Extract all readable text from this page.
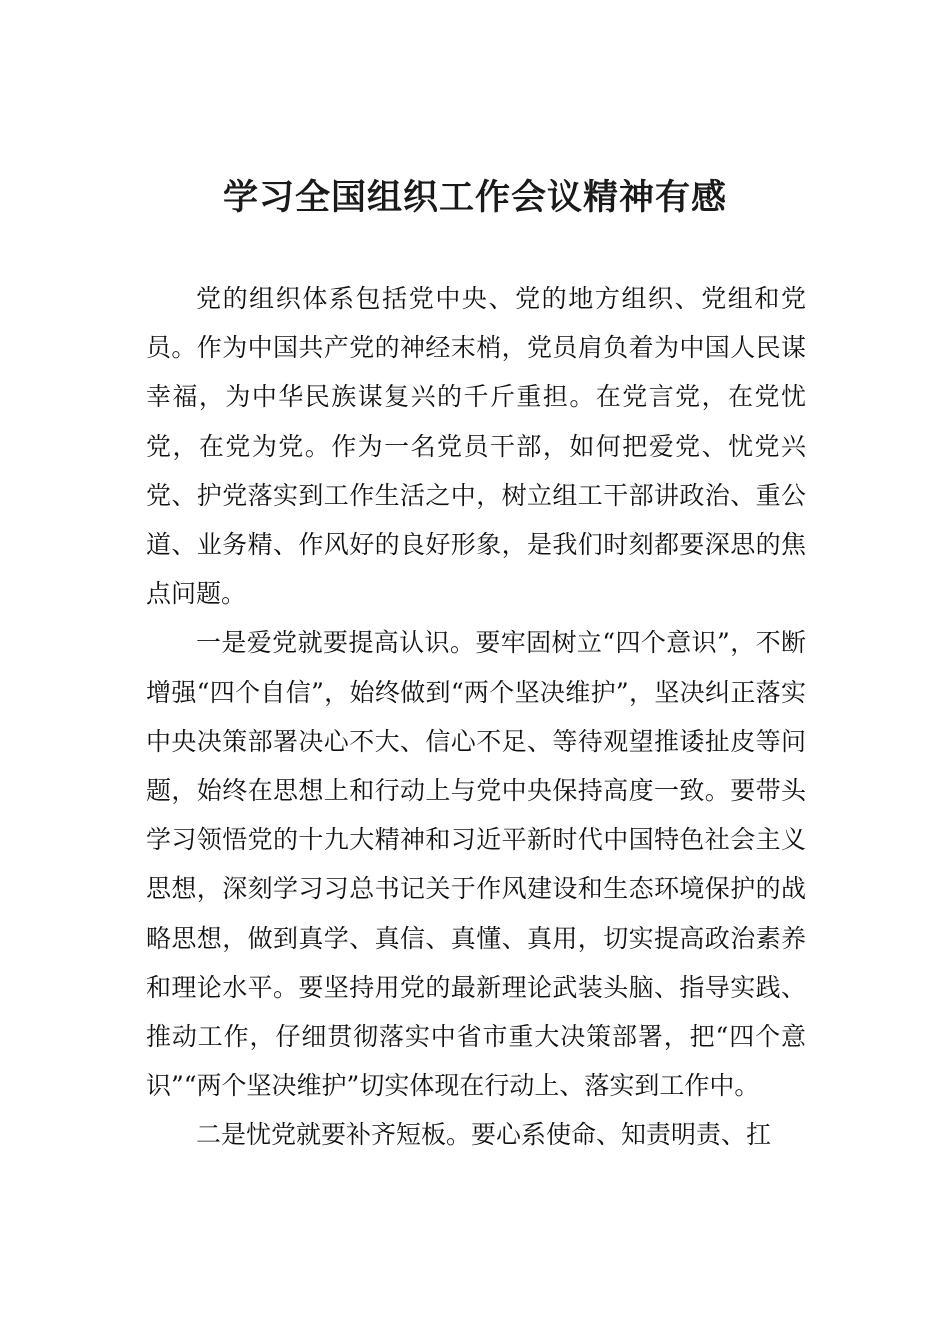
学习全国组织工作会议精神有感

党的组织体系包括党中央、党的地方组织、党组和党员。作为中国共产党的神经末梢，党员肩负着为中国人民谋幸福，为中华民族谋复兴的千斤重担。在党言党，在党忧党，在党为党。作为一名党员干部，如何把爱党、忧党兴党、护党落实到工作生活之中，树立组工干部讲政治、重公道、业务精、作风好的良好形象，是我们时刻都要深思的焦点问题。

一是爱党就要提高认识。要牢固树立“四个意识”，不断增强“四个自信”，始终做到“两个坚决维护”，坚决纠正落实中央决策部署决心不大、信心不足、等待观望推诿扯皮等问题，始终在思想上和行动上与党中央保持高度一致。要带头学习领悟党的十九大精神和习近平新时代中国特色社会主义思想，深刻学习习总书记关于作风建设和生态环境保护的战略思想，做到真学、真信、真懂、真用，切实提高政治素养和理论水平。要坚持用党的最新理论武装头脑、指导实践、推动工作，仔细贯彻落实中省市重大决策部署，把“四个意识”“两个坚决维护”切实体现在行动上、落实到工作中。

二是忧党就要补齐短板。要心系使命、知责明责、扛
